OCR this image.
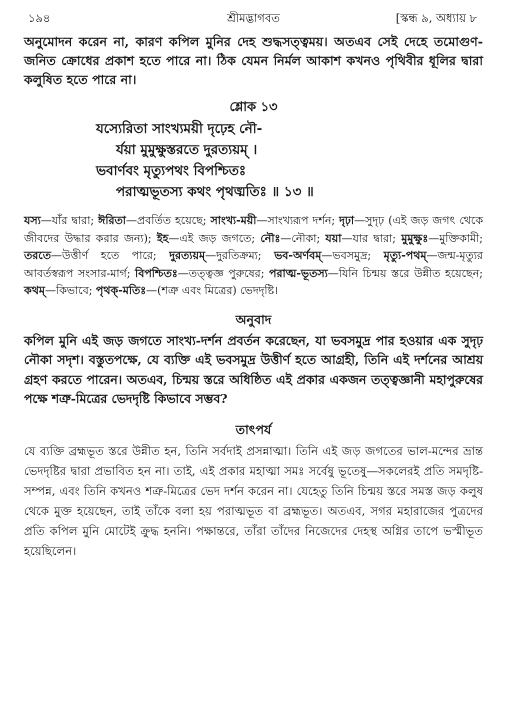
১৯৪	শ্রীমদ্ভাগবত	[স্কন্ধ ৯, অধ্যায় ৮

অনুমোদন করেন না, কারণ কপিল মুনির দেহ শুদ্ধসত্ত্বময়। অতএব সেই দেহে তমোগুণ-জনিত ক্রোধের প্রকাশ হতে পারে না। ঠিক যেমন নির্মল আকাশ কখনও পৃথিবীর ধূলির দ্বারা কলুষিত হতে পারে না।

শ্লোক ১৩
যস্যেরিতা সাংখ্যময়ী দৃঢ়েহ নৌ-
র্যয়া মুমুক্ষুস্তরতে দুরত্যয়ম্ ।
ভবার্ণবং মৃত্যুপথং বিপশ্চিতঃ
পরাত্মভূতস্য কথং পৃথঙ্মতিঃ ॥ ১৩ ॥

যস্য—যাঁর দ্বারা; ঈরিতা—প্রবর্তিত হয়েছে; সাংখ্য-ময়ী—সাংখ্যরূপ দর্শন; দৃঢ়া—সুদৃঢ় (এই জড় জগৎ থেকে জীবদের উদ্ধার করার জন্য); ইহ—এই জড় জগতে; নৌঃ—নৌকা; যয়া—যার দ্বারা; মুমুক্ষুঃ—মুক্তিকামী; তরতে—উত্তীর্ণ হতে পারে; দুরত্যয়ম্—দুরতিক্রম্য; ভব-অর্ণবম্—ভবসমুদ্র; মৃত্যু-পথম্—জন্ম-মৃত্যুর আবর্তস্বরূপ সংসার-মার্গ; বিপশ্চিতঃ—তত্ত্বজ্ঞ পুরুষের; পরাত্ম-ভূতস্য—যিনি চিন্ময় স্তরে উন্নীত হয়েছেন; কথম্—কিভাবে; পৃথক্-মতিঃ—(শত্রু এবং মিত্রের) ভেদদৃষ্টি।

অনুবাদ

কপিল মুনি এই জড় জগতে সাংখ্য-দর্শন প্রবর্তন করেছেন, যা ভবসমুদ্র পার হওয়ার এক সুদৃঢ় নৌকা সদৃশ। বস্তুতপক্ষে, যে ব্যক্তি এই ভবসমুদ্র উত্তীর্ণ হতে আগ্রহী, তিনি এই দর্শনের আশ্রয় গ্রহণ করতে পারেন। অতএব, চিন্ময় স্তরে অধিষ্ঠিত এই প্রকার একজন তত্ত্বজ্ঞানী মহাপুরুষের পক্ষে শত্রু-মিত্রের ভেদদৃষ্টি কিভাবে সম্ভব?

তাৎপর্য

যে ব্যক্তি ব্রহ্মভূত স্তরে উন্নীত হন, তিনি সর্বদাই প্রসন্নাত্মা। তিনি এই জড় জগতের ভাল-মন্দের ভ্রান্ত ভেদদৃষ্টির দ্বারা প্রভাবিত হন না। তাই, এই প্রকার মহাত্মা সমঃ সর্বেষু ভূতেষু—সকলেরই প্রতি সমদৃষ্টি-সম্পন্ন, এবং তিনি কখনও শত্রু-মিত্রের ভেদ দর্শন করেন না। যেহেতু তিনি চিন্ময় স্তরে সমস্ত জড় কলুষ থেকে মুক্ত হয়েছেন, তাই তাঁকে বলা হয় পরাত্মভূত বা ব্রহ্মভূত। অতএব, সগর মহারাজের পুত্রদের প্রতি কপিল মুনি মোটেই ক্রুদ্ধ হননি। পক্ষান্তরে, তাঁরা তাঁদের নিজেদের দেহস্থ অগ্নির তাপে ভস্মীভূত হয়েছিলেন।
